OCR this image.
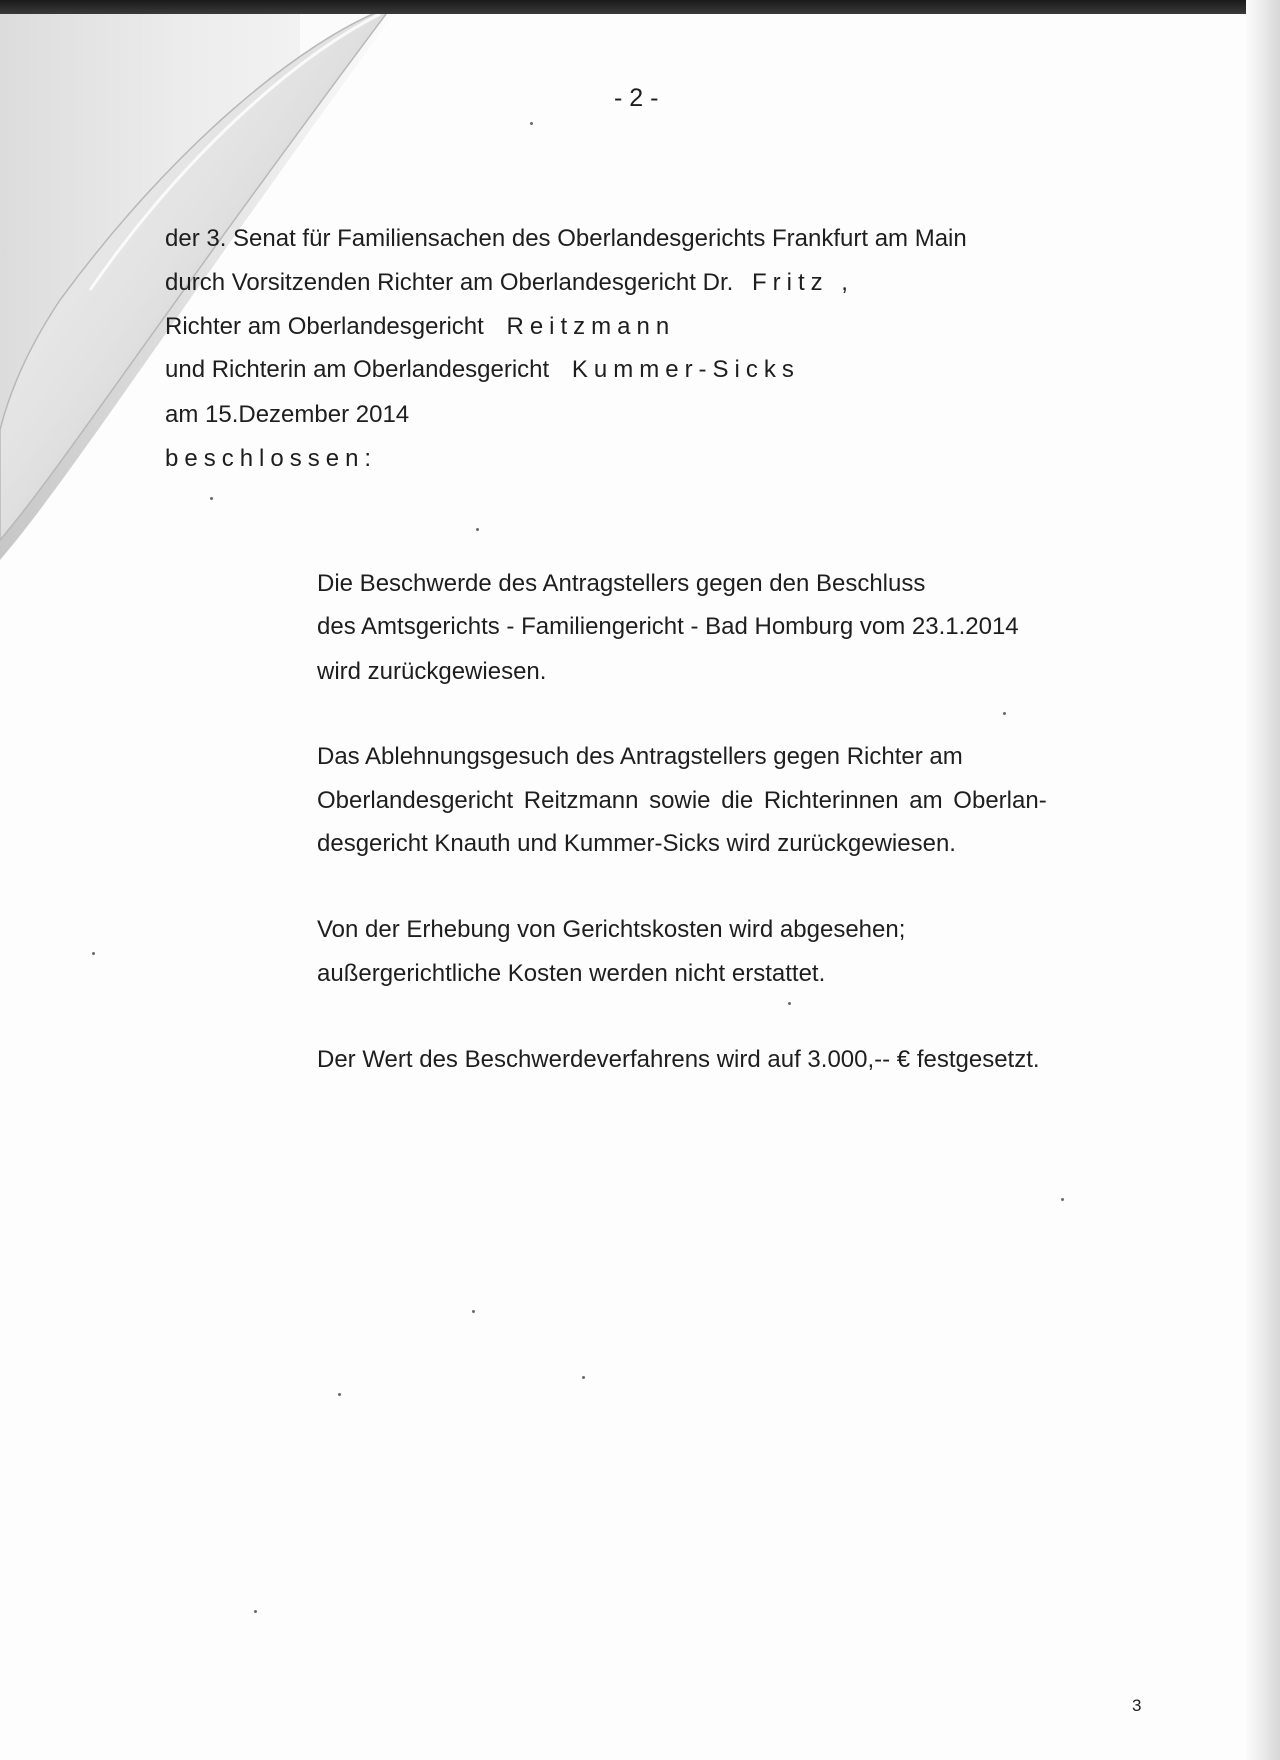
- 2 -
der 3. Senat für Familiensachen des Oberlandesgerichts Frankfurt am Main
durch Vorsitzenden Richter am Oberlandesgericht Dr. Fritz ,
Richter am Oberlandesgericht Reitzmann
und Richterin am Oberlandesgericht Kummer-Sicks
am 15.Dezember 2014
beschlossen:
Die Beschwerde des Antragstellers gegen den Beschluss
des Amtsgerichts - Familiengericht - Bad Homburg vom 23.1.2014
wird zurückgewiesen.
Das Ablehnungsgesuch des Antragstellers gegen Richter am
Oberlandesgericht Reitzmann sowie die Richterinnen am Oberlan-
desgericht Knauth und Kummer-Sicks wird zurückgewiesen.
Von der Erhebung von Gerichtskosten wird abgesehen;
außergerichtliche Kosten werden nicht erstattet.
Der Wert des Beschwerdeverfahrens wird auf 3.000,-- € festgesetzt.
3
